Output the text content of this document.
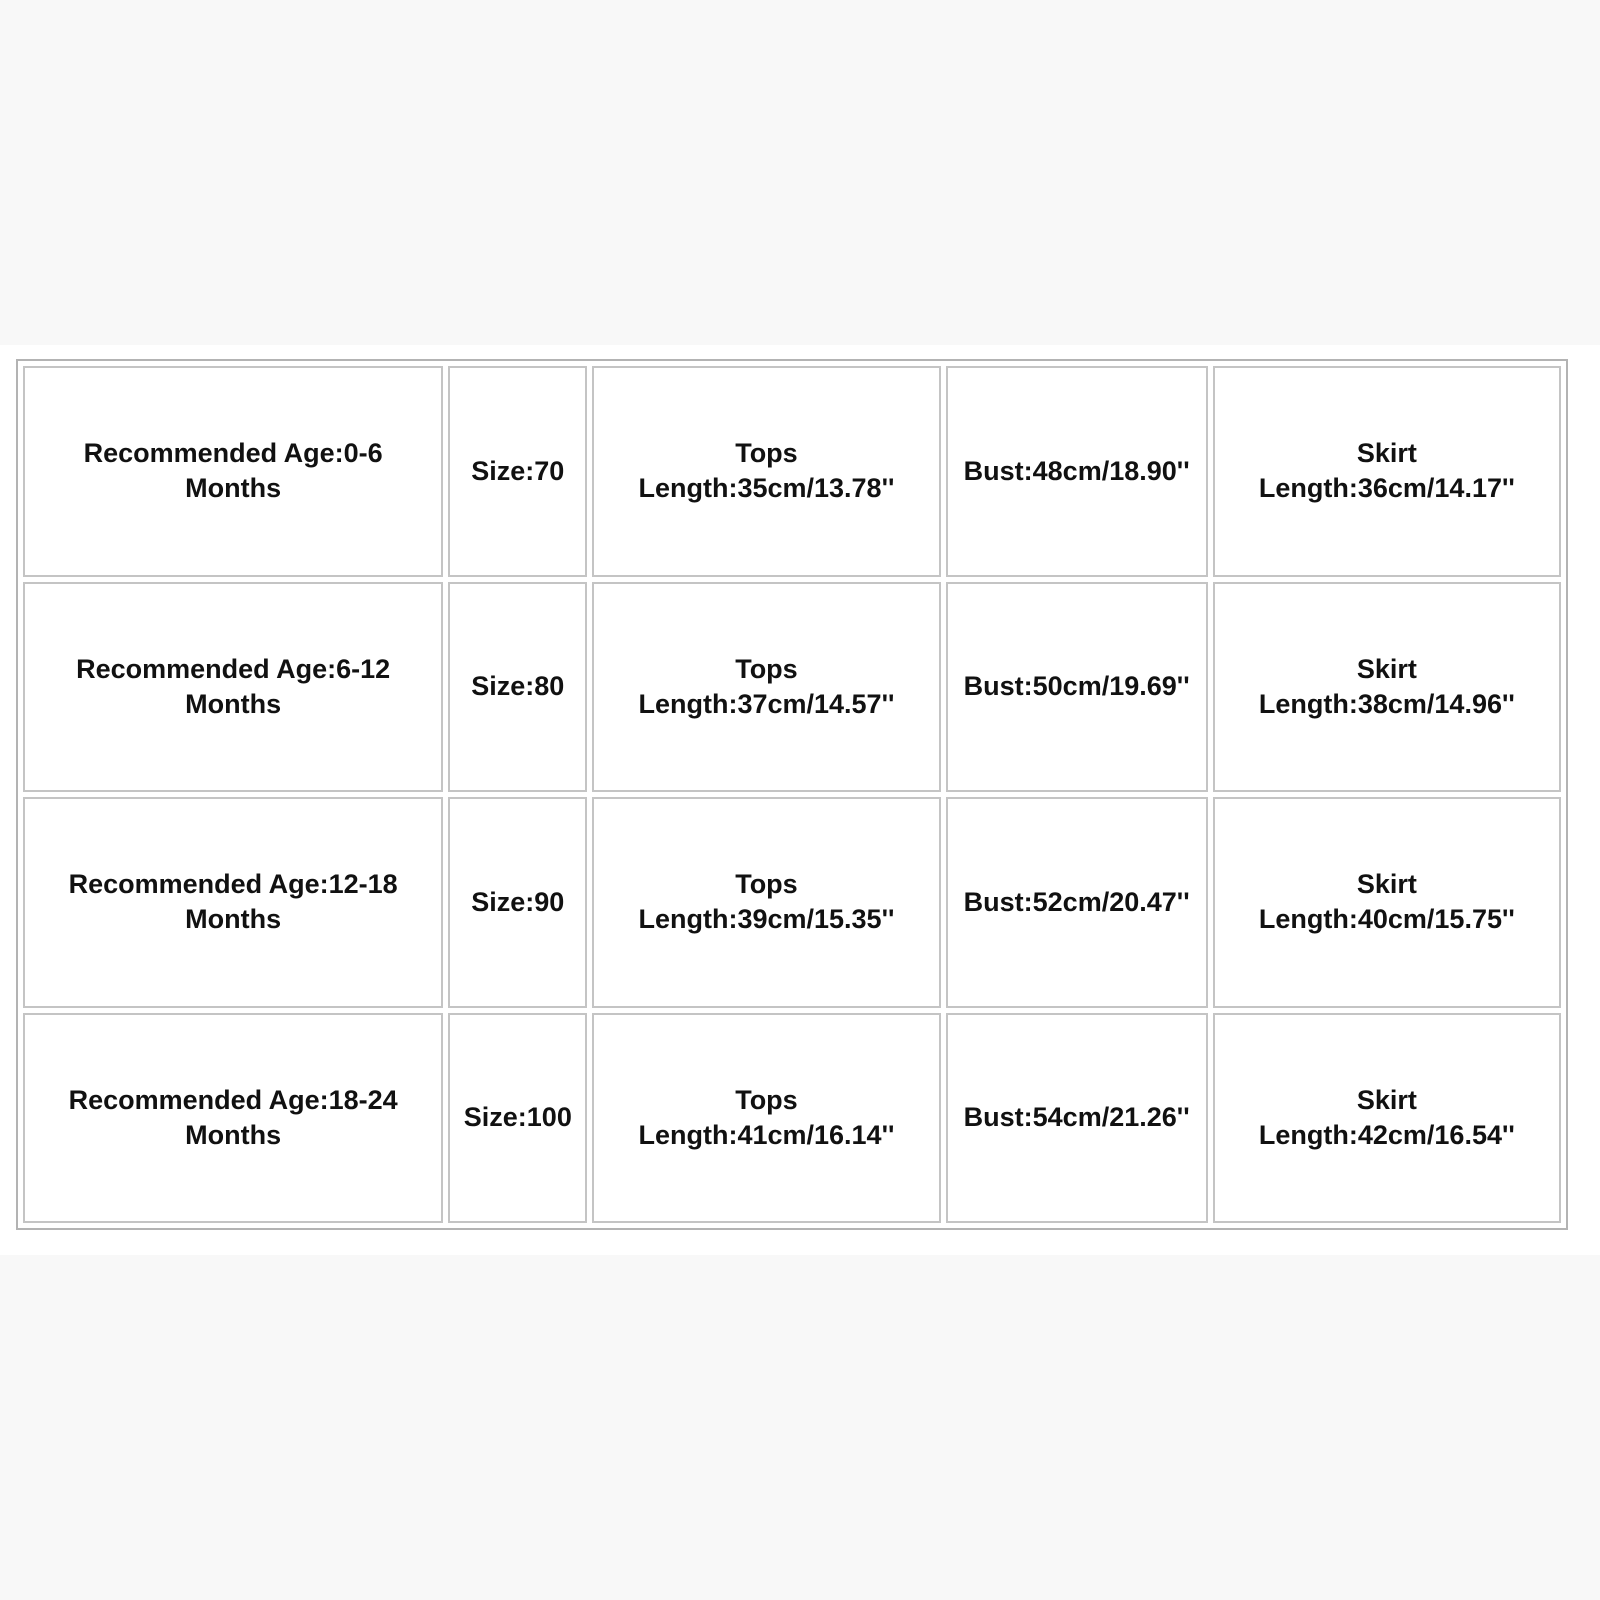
Recommended Age:0-6
Months	Size:70	Tops
Length:35cm/13.78''	Bust:48cm/18.90''	Skirt
Length:36cm/14.17''

Recommended Age:6-12
Months	Size:80	Tops
Length:37cm/14.57''	Bust:50cm/19.69''	Skirt
Length:38cm/14.96''

Recommended Age:12-18
Months	Size:90	Tops
Length:39cm/15.35''	Bust:52cm/20.47''	Skirt
Length:40cm/15.75''

Recommended Age:18-24
Months	Size:100	Tops
Length:41cm/16.14''	Bust:54cm/21.26''	Skirt
Length:42cm/16.54''
